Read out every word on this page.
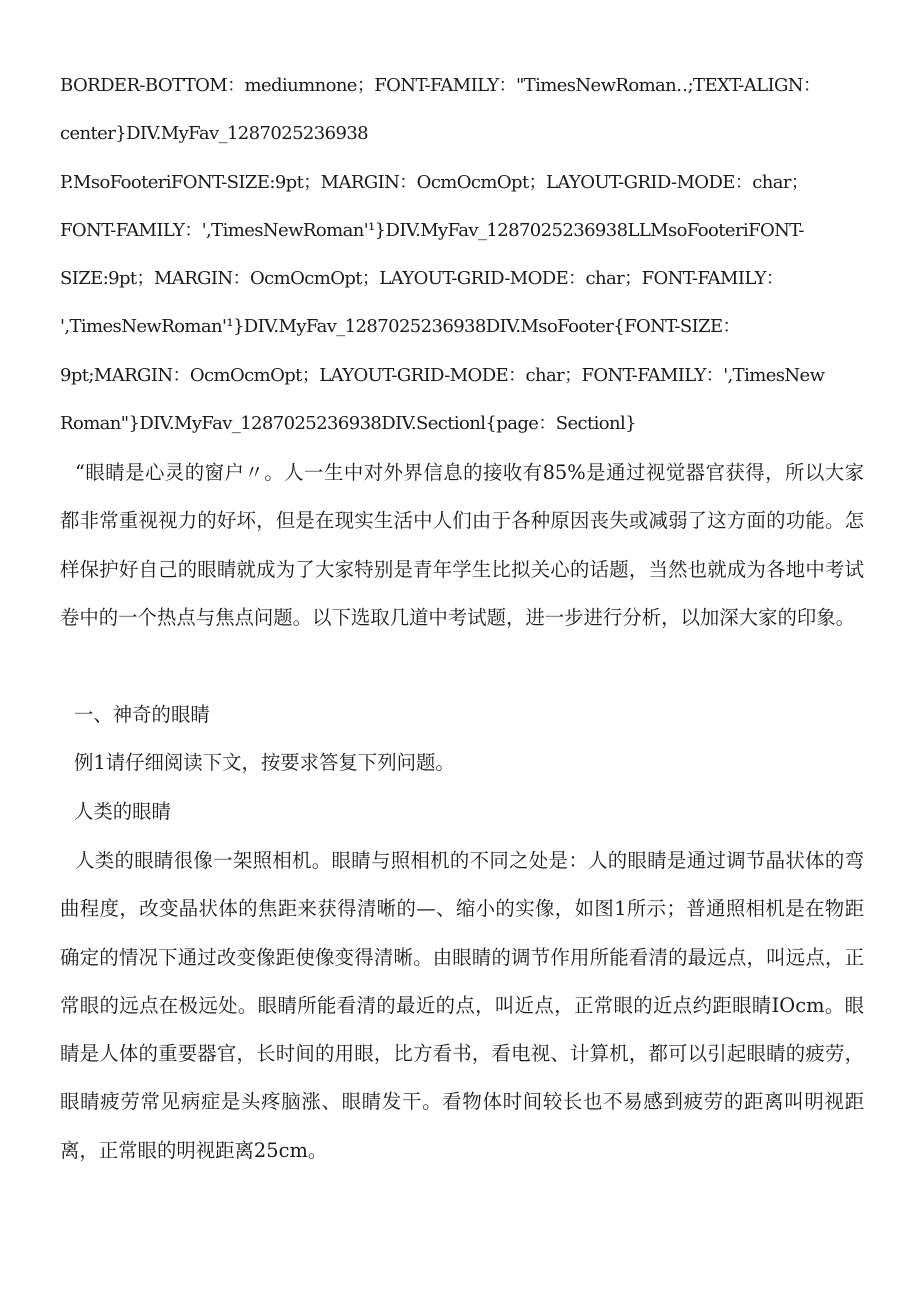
BORDER-BOTTOM：mediumnone；FONT-FAMILY："TimesNewRoman‥;TEXT-ALIGN：
center}DIV.MyFav_1287025236938
P.MsoFooteriFONT-SIZE:9pt；MARGIN：OcmOcmOpt；LAYOUT-GRID-MODE：char；
FONT-FAMILY：',TimesNewRoman'¹}DIV.MyFav_1287025236938LLMsoFooteriFONT-
SIZE:9pt；MARGIN：OcmOcmOpt；LAYOUT-GRID-MODE：char；FONT-FAMILY：
',TimesNewRoman'¹}DIV.MyFav_1287025236938DIV.MsoFooter{FONT-SIZE：
9pt;MARGIN：OcmOcmOpt；LAYOUT-GRID-MODE：char；FONT-FAMILY：',TimesNew
Roman"}DIV.MyFav_1287025236938DIV.Sectionl{page：Sectionl}

“眼睛是心灵的窗户〃。人一生中对外界信息的接收有85%是通过视觉器官获得，所以大家都非常重视视力的好坏，但是在现实生活中人们由于各种原因丧失或减弱了这方面的功能。怎样保护好自己的眼睛就成为了大家特别是青年学生比拟关心的话题，当然也就成为各地中考试卷中的一个热点与焦点问题。以下选取几道中考试题，进一步进行分析，以加深大家的印象。

一、神奇的眼睛
例1请仔细阅读下文，按要求答复下列问题。
人类的眼睛

人类的眼睛很像一架照相机。眼睛与照相机的不同之处是：人的眼睛是通过调节晶状体的弯曲程度，改变晶状体的焦距来获得清晰的—、缩小的实像，如图1所示；普通照相机是在物距确定的情况下通过改变像距使像变得清晰。由眼睛的调节作用所能看清的最远点，叫远点，正常眼的远点在极远处。眼睛所能看清的最近的点，叫近点，正常眼的近点约距眼睛IOcm。眼睛是人体的重要器官，长时间的用眼，比方看书，看电视、计算机，都可以引起眼睛的疲劳，眼睛疲劳常见病症是头疼脑涨、眼睛发干。看物体时间较长也不易感到疲劳的距离叫明视距离，正常眼的明视距离25cm。
